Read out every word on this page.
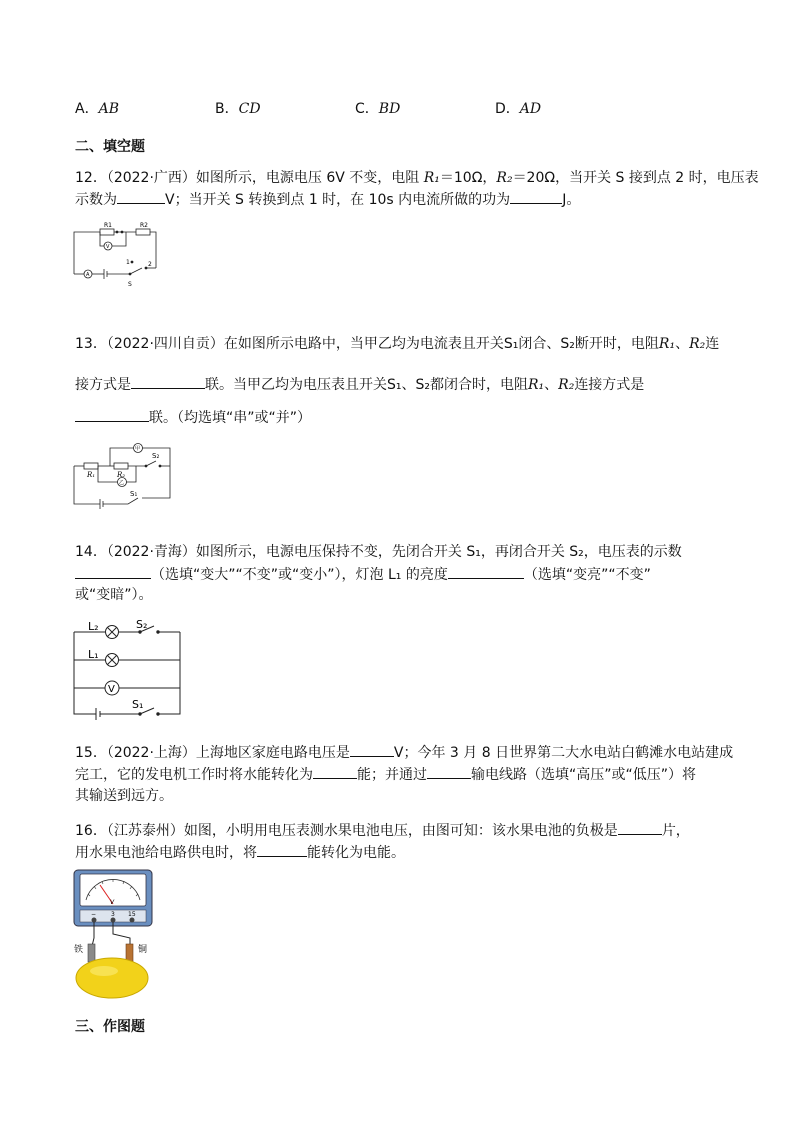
A．AB	B．CD	C．BD	D．AD
二、填空题
12．（2022·广西）如图所示，电源电压 6V 不变，电阻 R₁＝10Ω，R₂＝20Ω，当开关 S 接到点 2 时，电压表
示数为	V；当开关 S 转换到点 1 时，在 10s 内电流所做的功为	J。
R1	R2
V
A
1	2
S
13．（2022·四川自贡）在如图所示电路中，当甲乙均为电流表且开关S₁闭合、S₂断开时，电阻R₁、R₂连
接方式是	联。当甲乙均为电压表且开关S₁、S₂都闭合时，电阻R₁、R₂连接方式是
联。（均选填“串”或“并”）
甲
乙
R₁	R₂
S₂
S₁
14．（2022·青海）如图所示，电源电压保持不变，先闭合开关 S₁，再闭合开关 S₂，电压表的示数
（选填“变大”“不变”或“变小”），灯泡 L₁ 的亮度	（选填“变亮”“不变”
或“变暗”）。
L₂
L₁
V
S₂
S₁
15．（2022·上海）上海地区家庭电路电压是	V；今年 3 月 8 日世界第二大水电站白鹤滩水电站建成
完工，它的发电机工作时将水能转化为	能；并通过	输电线路（选填“高压”或“低压”）将
其输送到远方。
16．（江苏泰州）如图，小明用电压表测水果电池电压，由图可知：该水果电池的负极是	片，
用水果电池给电路供电时，将	能转化为电能。
V
− 3 15
铁	铜
三、作图题
